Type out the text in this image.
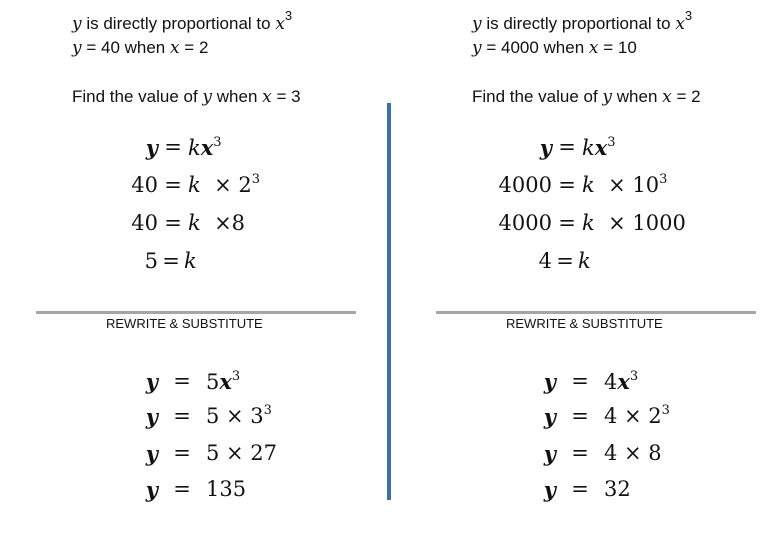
y is directly proportional to $x^3$
y = 40 when x = 2
Find the value of y when x = 3
y is directly proportional to $x^3$
y = 4000 when x = 10
Find the value of y when x = 2
$y = kx^3$
$40 = k \times 2^3$
40 = k  ×8
5 = k
$y = kx^3$
$4000 = k \times 10^3$
4000 = k  × 1000
4 = k
REWRITE & SUBSTITUTE	REWRITE & SUBSTITUTE
$y = 5x^3$
$y = 5 \times 3^3$
y = 5 × 27
y = 135
$y = 4x^3$
$y = 4 \times 2^3$
y = 4 × 8
y = 32
